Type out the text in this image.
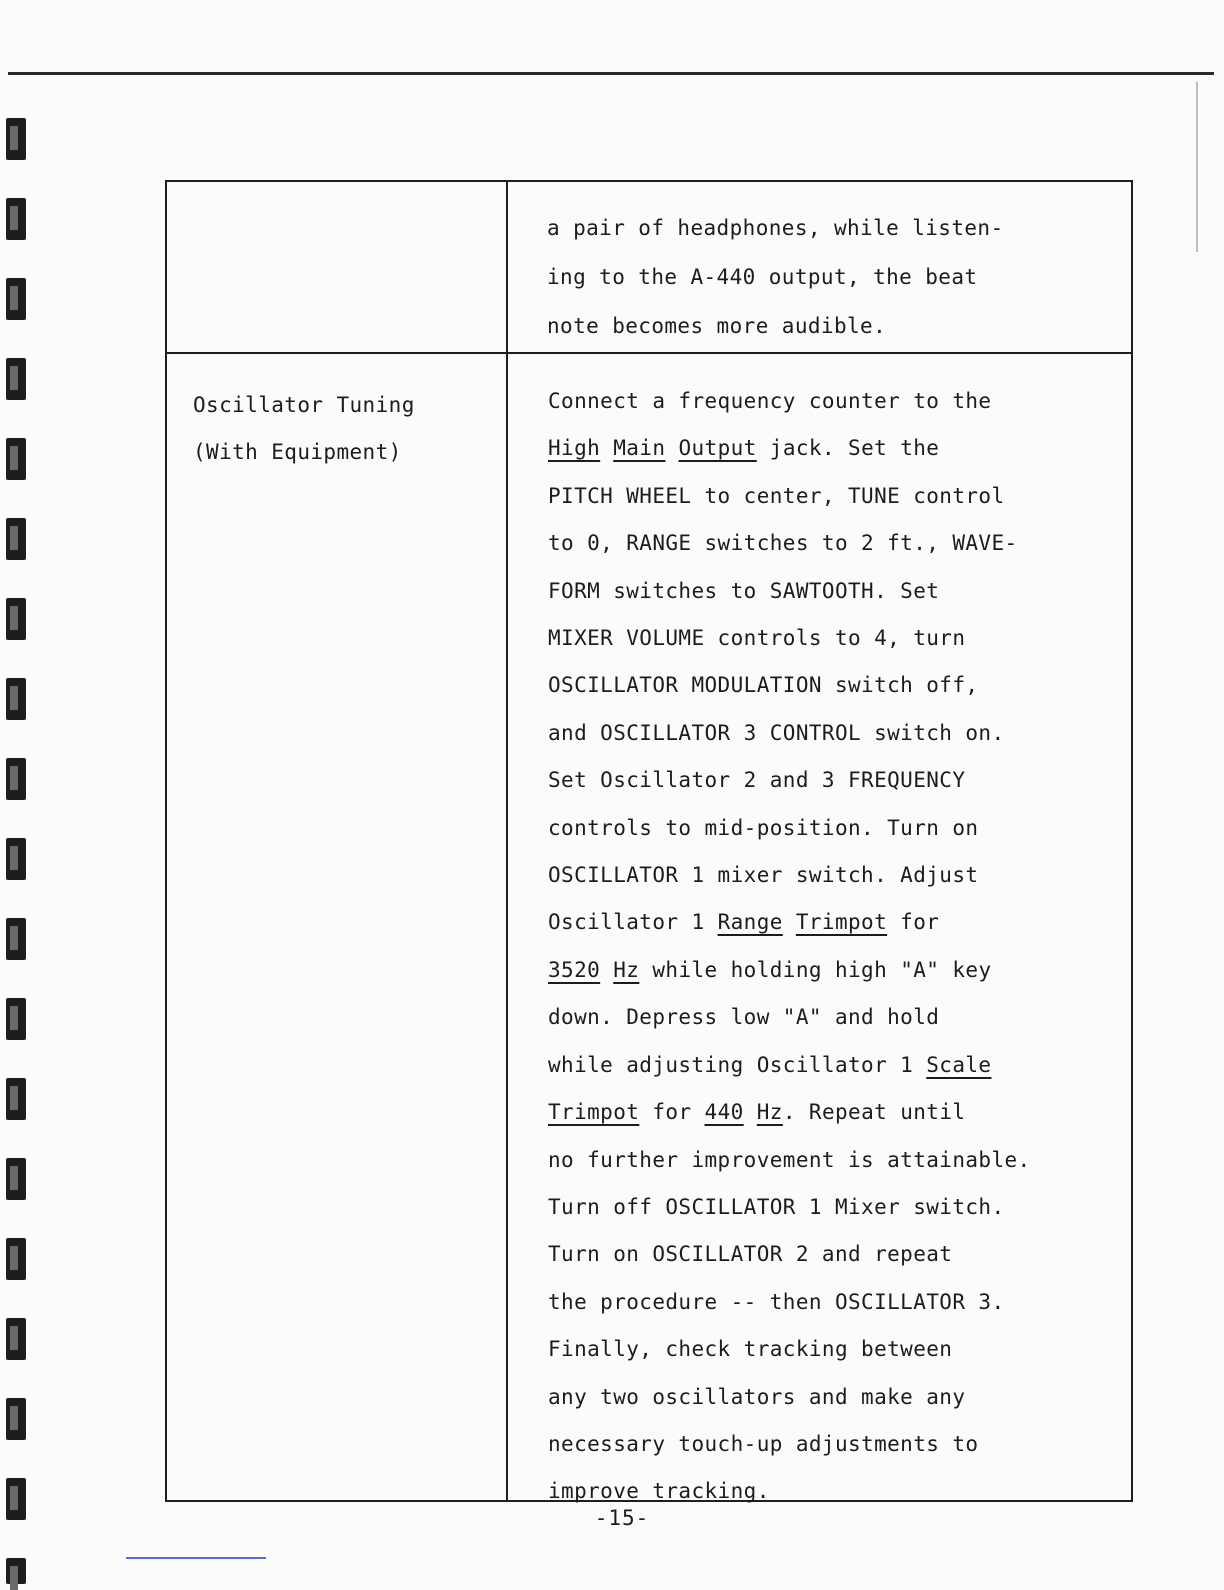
a pair of headphones, while listen-
ing to the A-440 output, the beat
note becomes more audible.
Oscillator Tuning
(With Equipment)
Connect a frequency counter to the
High Main Output jack. Set the
PITCH WHEEL to center, TUNE control
to 0, RANGE switches to 2 ft., WAVE-
FORM switches to SAWTOOTH. Set
MIXER VOLUME controls to 4, turn
OSCILLATOR MODULATION switch off,
and OSCILLATOR 3 CONTROL switch on.
Set Oscillator 2 and 3 FREQUENCY
controls to mid-position. Turn on
OSCILLATOR 1 mixer switch. Adjust
Oscillator 1 Range Trimpot for
3520 Hz while holding high "A" key
down. Depress low "A" and hold
while adjusting Oscillator 1 Scale
Trimpot for 440 Hz. Repeat until
no further improvement is attainable.
Turn off OSCILLATOR 1 Mixer switch.
Turn on OSCILLATOR 2 and repeat
the procedure -- then OSCILLATOR 3.
Finally, check tracking between
any two oscillators and make any
necessary touch-up adjustments to
improve tracking.
-15-
